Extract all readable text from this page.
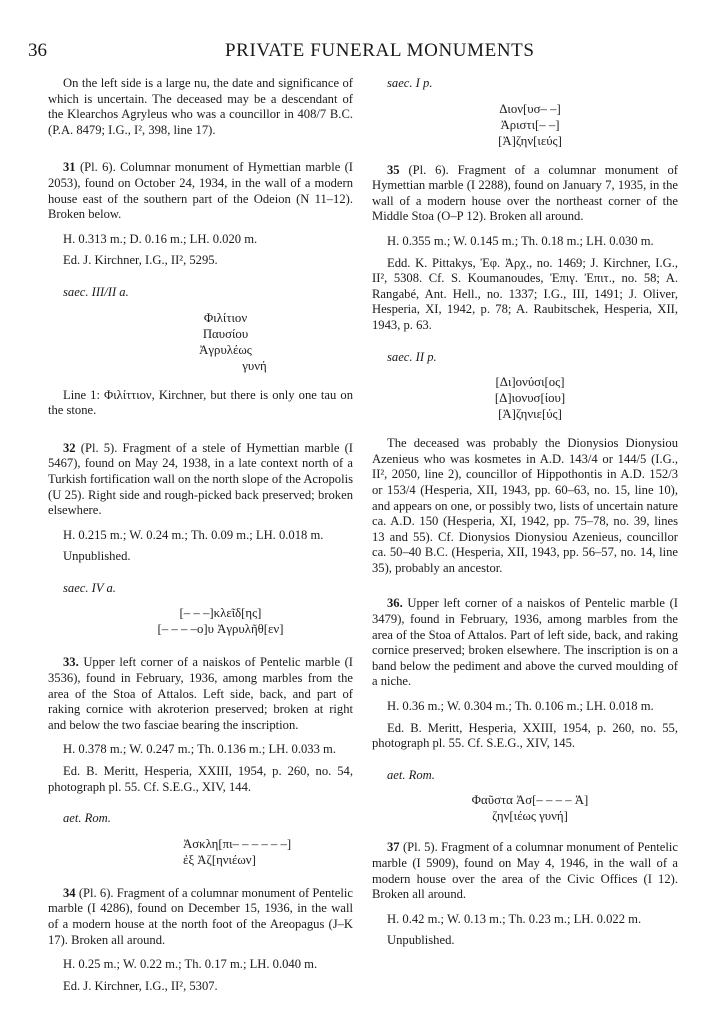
36	PRIVATE FUNERAL MONUMENTS

On the left side is a large nu, the date and significance of which is uncertain. The deceased may be a descendant of the Klearchos Agryleus who was a councillor in 408/7 B.C. (P.A. 8479; I.G., I², 398, line 17).

31 (Pl. 6). Columnar monument of Hymettian marble (I 2053), found on October 24, 1934, in the wall of a modern house east of the southern part of the Odeion (N 11–12). Broken below.

H. 0.313 m.; D. 0.16 m.; LH. 0.020 m.

Ed. J. Kirchner, I.G., II², 5295.

saec. III/II a.

Φιλίτιον
Παυσίου
Ἀγρυλέως
γυνή

Line 1: Φιλίττιον, Kirchner, but there is only one tau on the stone.

32 (Pl. 5). Fragment of a stele of Hymettian marble (I 5467), found on May 24, 1938, in a late context north of a Turkish fortification wall on the north slope of the Acropolis (U 25). Right side and rough-picked back preserved; broken elsewhere.

H. 0.215 m.; W. 0.24 m.; Th. 0.09 m.; LH. 0.018 m.

Unpublished.

saec. IV a.

[– – –]κλεῖδ[ης]
[– – – –ο]υ Ἀγρυλῆθ[εν]

33. Upper left corner of a naiskos of Pentelic marble (I 3536), found in February, 1936, among marbles from the area of the Stoa of Attalos. Left side, back, and part of raking cornice with akroterion preserved; broken at right and below the two fasciae bearing the inscription.

H. 0.378 m.; W. 0.247 m.; Th. 0.136 m.; LH. 0.033 m.

Ed. B. Meritt, Hesperia, XXIII, 1954, p. 260, no. 54, photograph pl. 55. Cf. S.E.G., XIV, 144.

aet. Rom.

Ἀσκλη[πι– – – – – –]
ἐξ Ἀζ[ηνιέων]

34 (Pl. 6). Fragment of a columnar monument of Pentelic marble (I 4286), found on December 15, 1936, in the wall of a modern house at the north foot of the Areopagus (J–K 17). Broken all around.

H. 0.25 m.; W. 0.22 m.; Th. 0.17 m.; LH. 0.040 m.

Ed. J. Kirchner, I.G., II², 5307.

saec. I p.

Διον[υσ– –]
Ἀριστι[– –]
[Ἀ]ζην[ιεύς]

35 (Pl. 6). Fragment of a columnar monument of Hymettian marble (I 2288), found on January 7, 1935, in the wall of a modern house over the northeast corner of the Middle Stoa (O–P 12). Broken all around.

H. 0.355 m.; W. 0.145 m.; Th. 0.18 m.; LH. 0.030 m.

Edd. K. Pittakys, Ἐφ. Ἀρχ., no. 1469; J. Kirchner, I.G., II², 5308. Cf. S. Koumanoudes, Ἐπιγ. Ἐπιτ., no. 58; A. Rangabé, Ant. Hell., no. 1337; I.G., III, 1491; J. Oliver, Hesperia, XI, 1942, p. 78; A. Raubitschek, Hesperia, XII, 1943, p. 63.

saec. II p.

[Δι]ονύσι[ος]
[Δ]ιονυσ[ίου]
[Ἀ]ζηνιε[ύς]

The deceased was probably the Dionysios Dionysiou Azenieus who was kosmetes in A.D. 143/4 or 144/5 (I.G., II², 2050, line 2), councillor of Hippothontis in A.D. 152/3 or 153/4 (Hesperia, XII, 1943, pp. 60–63, no. 15, line 10), and appears on one, or possibly two, lists of uncertain nature ca. A.D. 150 (Hesperia, XI, 1942, pp. 75–78, no. 39, lines 13 and 55). Cf. Dionysios Dionysiou Azenieus, councillor ca. 50–40 B.C. (Hesperia, XII, 1943, pp. 56–57, no. 14, line 35), probably an ancestor.

36. Upper left corner of a naiskos of Pentelic marble (I 3479), found in February, 1936, among marbles from the area of the Stoa of Attalos. Part of left side, back, and raking cornice preserved; broken elsewhere. The inscription is on a band below the pediment and above the curved moulding of a niche.

H. 0.36 m.; W. 0.304 m.; Th. 0.106 m.; LH. 0.018 m.

Ed. B. Meritt, Hesperia, XXIII, 1954, p. 260, no. 55, photograph pl. 55. Cf. S.E.G., XIV, 145.

aet. Rom.

Φαῦστα Ἀσ[– – – – Ἀ]
ζην[ιέως γυνή]

37 (Pl. 5). Fragment of a columnar monument of Pentelic marble (I 5909), found on May 4, 1946, in the wall of a modern house over the area of the Civic Offices (I 12). Broken all around.

H. 0.42 m.; W. 0.13 m.; Th. 0.23 m.; LH. 0.022 m.

Unpublished.
